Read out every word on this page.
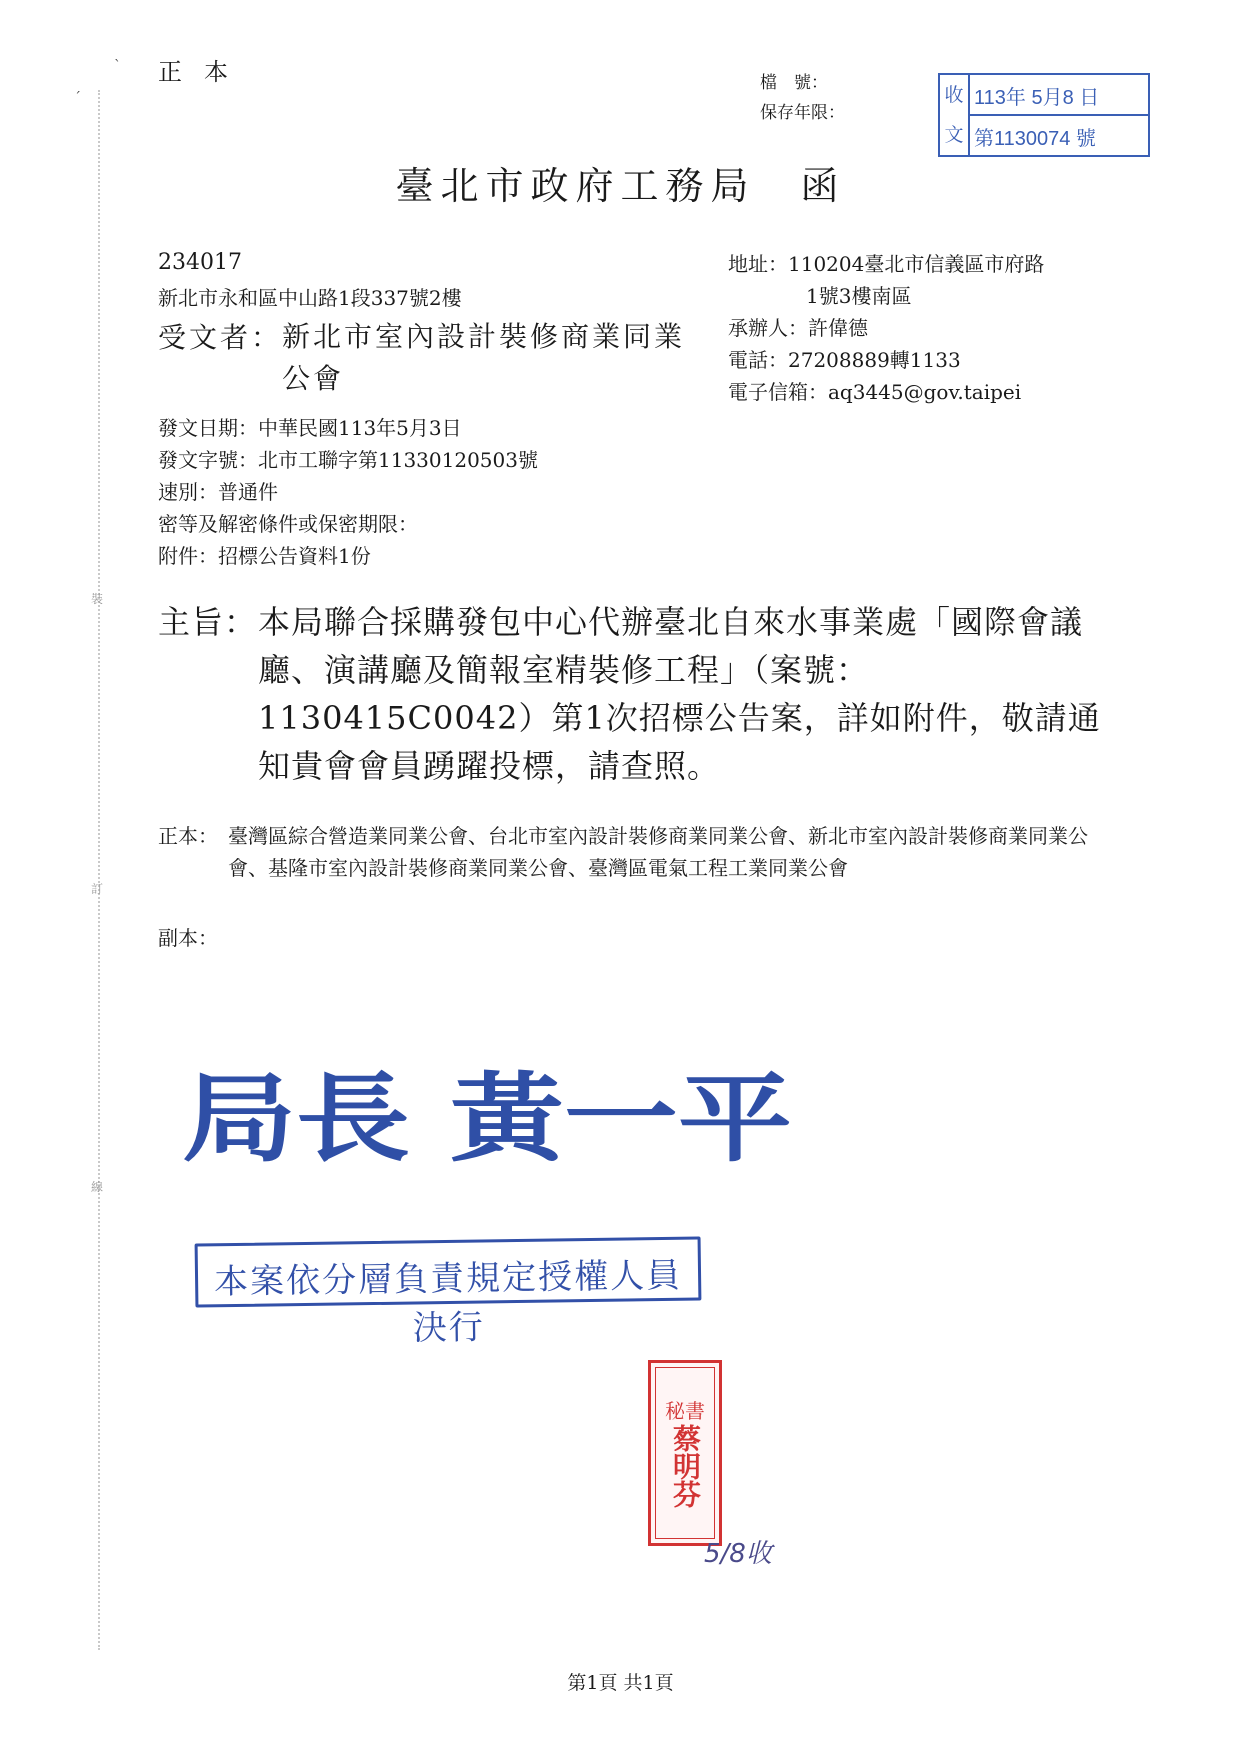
裝
訂
線
ˋ
ˊ
正本	檔　號：
保存年限：
收
文
113年 5月8 日
第1130074 號
臺北市政府工務局　函
234017
新北市永和區中山路1段337號2樓
受文者： 新北市室內設計裝修商業同業公會
地址：110204臺北市信義區市府路
1號3樓南區
承辦人：許偉德
電話：27208889轉1133
電子信箱：aq3445@gov.taipei
發文日期：中華民國113年5月3日
發文字號：北市工聯字第11330120503號
速別：普通件
密等及解密條件或保密期限：
附件：招標公告資料1份
主旨： 本局聯合採購發包中心代辦臺北自來水事業處「國際會議廳、演講廳及簡報室精裝修工程」（案號：1130415C0042）第1次招標公告案，詳如附件，敬請通知貴會會員踴躍投標，請查照。
正本： 臺灣區綜合營造業同業公會、台北市室內設計裝修商業同業公會、新北市室內設計裝修商業同業公會、基隆市室內設計裝修商業同業公會、臺灣區電氣工程工業同業公會
副本：
局長 黃一平
本案依分層負責規定授權人員決行
秘書
蔡明芬
5/8收
第1頁 共1頁
